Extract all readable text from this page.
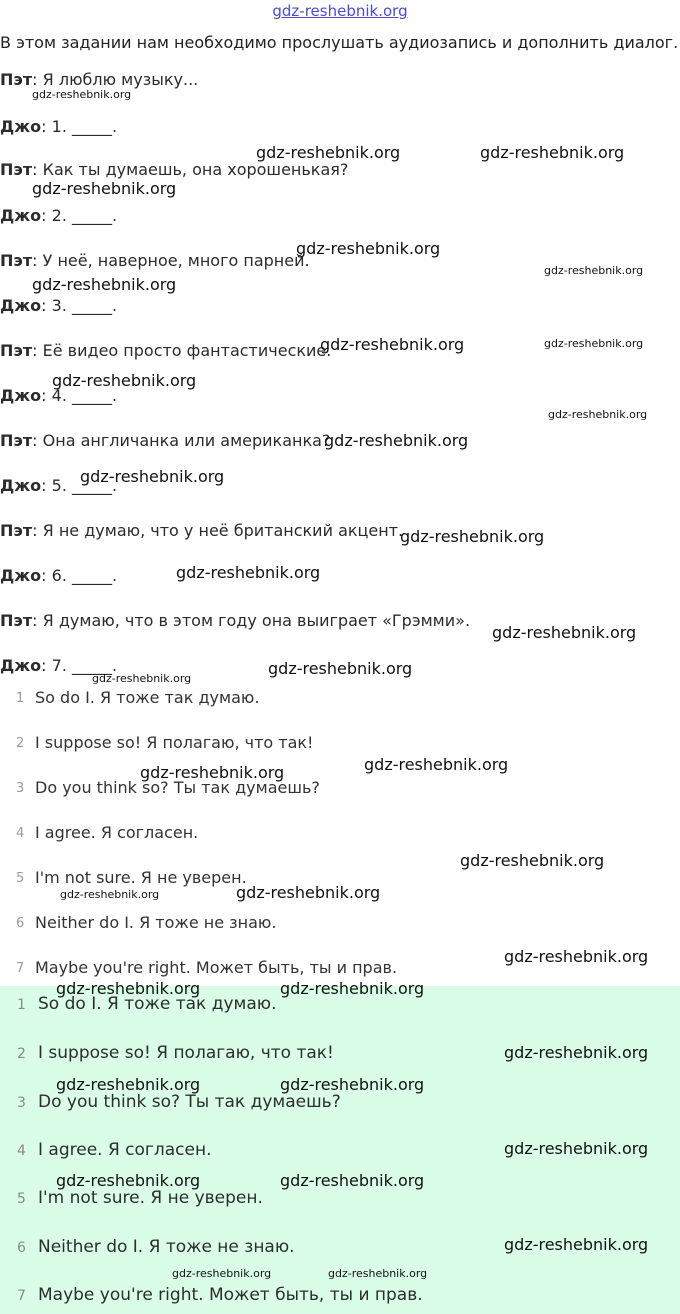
gdz-reshebnik.org
В этом задании нам необходимо прослушать аудиозапись и дополнить диалог.
Пэт: Я люблю музыку...
Джо: 1. _____.
Пэт: Как ты думаешь, она хорошенькая?
Джо: 2. _____.
Пэт: У неё, наверное, много парней.
Джо: 3. _____.
Пэт: Её видео просто фантастические.
Джо: 4. _____.
Пэт: Она англичанка или американка?
Джо: 5. _____.
Пэт: Я не думаю, что у неё британский акцент.
Джо: 6. _____.
Пэт: Я думаю, что в этом году она выиграет «Грэмми».
Джо: 7. _____.
1 So do I. Я тоже так думаю.
2 I suppose so! Я полагаю, что так!
3 Do you think so? Ты так думаешь?
4 I agree. Я согласен.
5 I'm not sure. Я не уверен.
6 Neither do I. Я тоже не знаю.
7 Maybe you're right. Может быть, ты и прав.
1 So do I. Я тоже так думаю.
2 I suppose so! Я полагаю, что так!
3 Do you think so? Ты так думаешь?
4 I agree. Я согласен.
5 I'm not sure. Я не уверен.
6 Neither do I. Я тоже не знаю.
7 Maybe you're right. Может быть, ты и прав.
gdz-reshebnik.org
gdz-reshebnik.org	gdz-reshebnik.org
gdz-reshebnik.org
gdz-reshebnik.org
gdz-reshebnik.org
gdz-reshebnik.org
gdz-reshebnik.org	gdz-reshebnik.org
gdz-reshebnik.org
gdz-reshebnik.org
gdz-reshebnik.org
gdz-reshebnik.org
gdz-reshebnik.org
gdz-reshebnik.org
gdz-reshebnik.org
gdz-reshebnik.org
gdz-reshebnik.org
gdz-reshebnik.org	gdz-reshebnik.org
gdz-reshebnik.org
gdz-reshebnik.org	gdz-reshebnik.org
gdz-reshebnik.org
gdz-reshebnik.org	gdz-reshebnik.org
gdz-reshebnik.org
gdz-reshebnik.org	gdz-reshebnik.org
gdz-reshebnik.org
gdz-reshebnik.org	gdz-reshebnik.org
gdz-reshebnik.org
gdz-reshebnik.org	gdz-reshebnik.org
